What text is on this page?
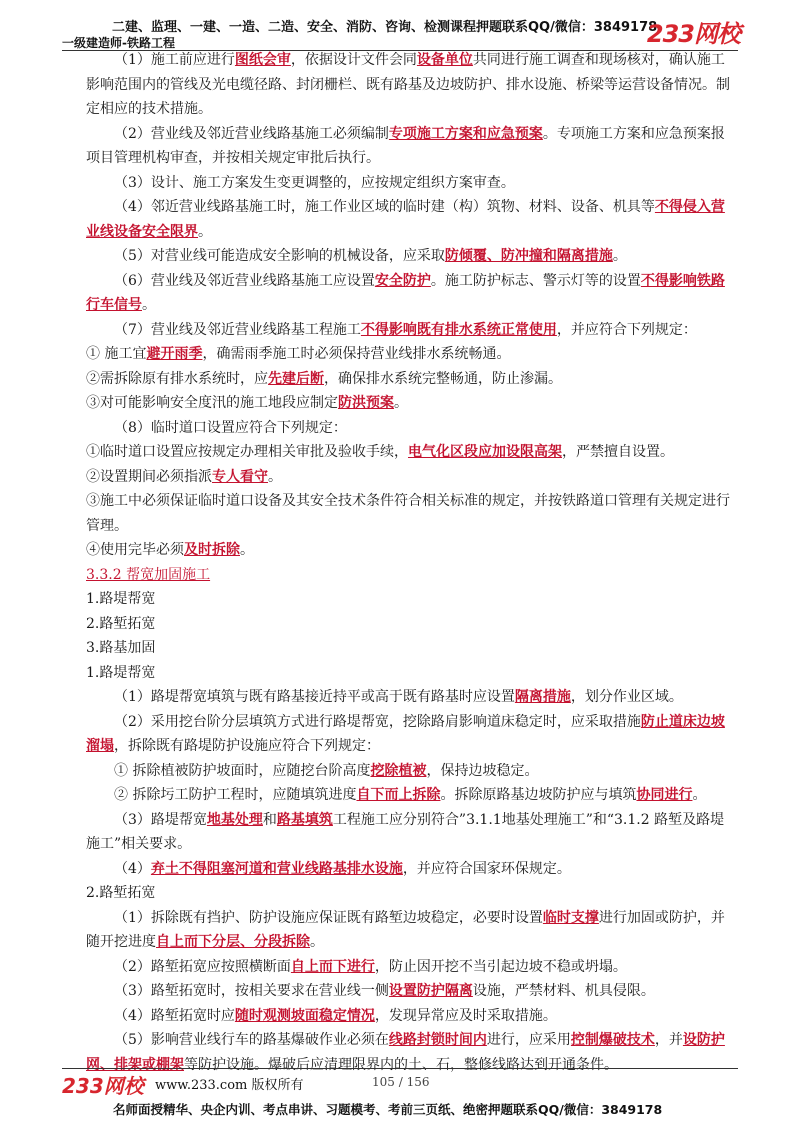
二建、监理、一建、一造、二造、安全、消防、咨询、检测课程押题联系QQ/微信：3849178
一级建造师-铁路工程	233网校

（1）施工前应进行图纸会审，依据设计文件会同设备单位共同进行施工调查和现场核对，确认施工影响范围内的管线及光电缆径路、封闭栅栏、既有路基及边坡防护、排水设施、桥梁等运营设备情况。制定相应的技术措施。

（2）营业线及邻近营业线路基施工必须编制专项施工方案和应急预案。专项施工方案和应急预案报项目管理机构审查，并按相关规定审批后执行。

（3）设计、施工方案发生变更调整的，应按规定组织方案审查。

（4）邻近营业线路基施工时，施工作业区域的临时建（构）筑物、材料、设备、机具等不得侵入营业线设备安全限界。

（5）对营业线可能造成安全影响的机械设备，应采取防倾覆、防冲撞和隔离措施。

（6）营业线及邻近营业线路基施工应设置安全防护。施工防护标志、警示灯等的设置不得影响铁路行车信号。

（7）营业线及邻近营业线路基工程施工不得影响既有排水系统正常使用，并应符合下列规定：

① 施工宜避开雨季，确需雨季施工时必须保持营业线排水系统畅通。

②需拆除原有排水系统时，应先建后断，确保排水系统完整畅通，防止渗漏。

③对可能影响安全度汛的施工地段应制定防洪预案。

（8）临时道口设置应符合下列规定：

①临时道口设置应按规定办理相关审批及验收手续，电气化区段应加设限高架，严禁擅自设置。

②设置期间必须指派专人看守。

③施工中必须保证临时道口设备及其安全技术条件符合相关标准的规定，并按铁路道口管理有关规定进行管理。

④使用完毕必须及时拆除。

3.3.2 帮宽加固施工

1.路堤帮宽

2.路堑拓宽

3.路基加固

1.路堤帮宽

（1）路堤帮宽填筑与既有路基接近持平或高于既有路基时应设置隔离措施，划分作业区域。

（2）采用挖台阶分层填筑方式进行路堤帮宽，挖除路肩影响道床稳定时，应采取措施防止道床边坡溜塌，拆除既有路堤防护设施应符合下列规定：

① 拆除植被防护坡面时，应随挖台阶高度挖除植被，保持边坡稳定。

② 拆除圬工防护工程时，应随填筑进度自下而上拆除。拆除原路基边坡防护应与填筑协同进行。

（3）路堤帮宽地基处理和路基填筑工程施工应分别符合”3.1.1地基处理施工”和“3.1.2 路堑及路堤施工”相关要求。

（4）弃土不得阻塞河道和营业线路基排水设施，并应符合国家环保规定。

2.路堑拓宽

（1）拆除既有挡护、防护设施应保证既有路堑边坡稳定，必要时设置临时支撑进行加固或防护，并随开挖进度自上而下分层、分段拆除。

（2）路堑拓宽应按照横断面自上而下进行，防止因开挖不当引起边坡不稳或坍塌。

（3）路堑拓宽时，按相关要求在营业线一侧设置防护隔离设施，严禁材料、机具侵限。

（4）路堑拓宽时应随时观测坡面稳定情况，发现异常应及时采取措施。

（5）影响营业线行车的路基爆破作业必须在线路封锁时间内进行，应采用控制爆破技术，并设防护网、排架或棚架等防护设施。爆破后应清理限界内的土、石，整修线路达到开通条件。

233网校 www.233.com 版权所有	105 / 156
名师面授精华、央企内训、考点串讲、习题模考、考前三页纸、绝密押题联系QQ/微信：3849178
